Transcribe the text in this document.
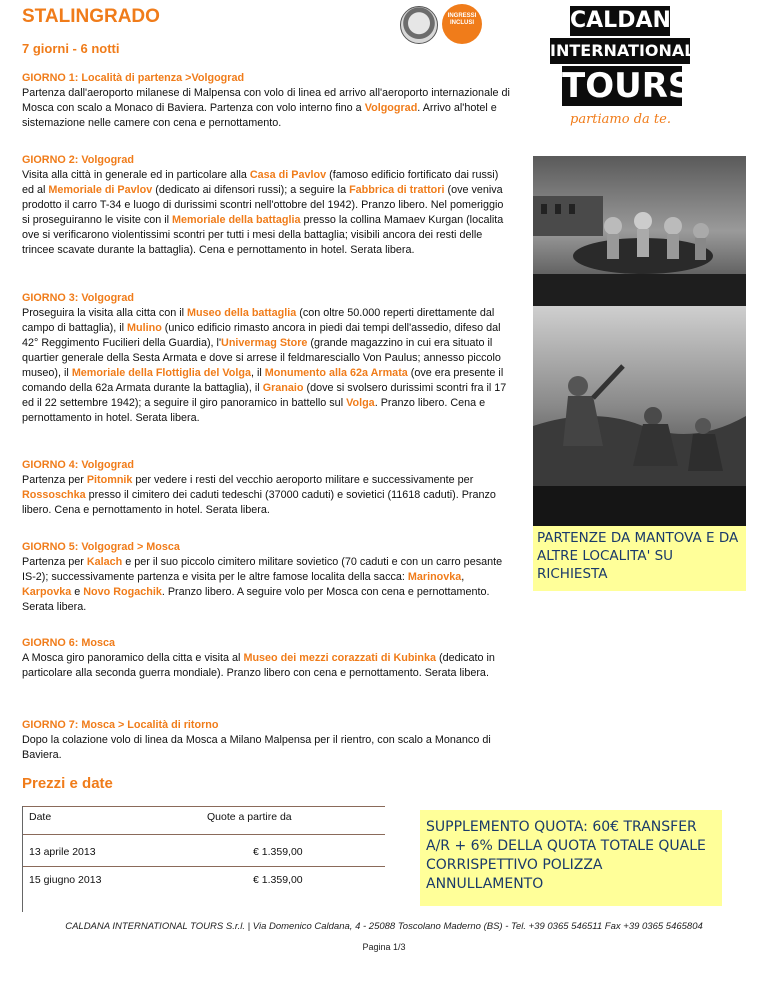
STALINGRADO
7 giorni - 6 notti
INGRESSI INCLUSI	CALDANA
INTERNATIONAL
TOURS
partiamo da te.
GIORNO 1: Località di partenza >Volgograd
Partenza dall'aeroporto milanese di Malpensa con volo di linea ed arrivo all'aeroporto internazionale di Mosca con scalo a Monaco di Baviera. Partenza con volo interno fino a Volgograd. Arrivo al'hotel e sistemazione nelle camere con cena e pernottamento.
GIORNO 2: Volgograd
Visita alla città in generale ed in particolare alla Casa di Pavlov (famoso edificio fortificato dai russi) ed al Memoriale di Pavlov (dedicato ai difensori russi); a seguire la Fabbrica di trattori (ove veniva prodotto il carro T-34 e luogo di durissimi scontri nell'ottobre del 1942). Pranzo libero. Nel pomeriggio si proseguiranno le visite con il Memoriale della battaglia presso la collina Mamaev Kurgan (localita ove si verificarono violentissimi scontri per tutti i mesi della battaglia; visibili ancora dei resti delle trincee scavate durante la battaglia). Cena e pernottamento in hotel. Serata libera.
GIORNO 3: Volgograd
Proseguira la visita alla citta con il Museo della battaglia (con oltre 50.000 reperti direttamente dal campo di battaglia), il Mulino (unico edificio rimasto ancora in piedi dai tempi dell'assedio, difeso dal 42° Reggimento Fucilieri della Guardia), l'Univermag Store (grande magazzino in cui era situato il quartier generale della Sesta Armata e dove si arrese il feldmaresciallo Von Paulus; annesso piccolo museo), il Memoriale della Flottiglia del Volga, il Monumento alla 62a Armata (ove era presente il comando della 62a Armata durante la battaglia), il Granaio (dove si svolsero durissimi scontri fra il 17 ed il 22 settembre 1942); a seguire il giro panoramico in battello sul Volga. Pranzo libero. Cena e pernottamento in hotel. Serata libera.
GIORNO 4: Volgograd
Partenza per Pitomnik per vedere i resti del vecchio aeroporto militare e successivamente per Rossoschka presso il cimitero dei caduti tedeschi (37000 caduti) e sovietici (11618 caduti). Pranzo libero. Cena e pernottamento in hotel. Serata libera.
GIORNO 5: Volgograd > Mosca
Partenza per Kalach e per il suo piccolo cimitero militare sovietico (70 caduti e con un carro pesante IS-2); successivamente partenza e visita per le altre famose localita della sacca: Marinovka, Karpovka e Novo Rogachik. Pranzo libero. A seguire volo per Mosca con cena e pernottamento. Serata libera.
GIORNO 6: Mosca
A Mosca giro panoramico della citta e visita al Museo dei mezzi corazzati di Kubinka (dedicato in particolare alla seconda guerra mondiale). Pranzo libero con cena e pernottamento. Serata libera.
GIORNO 7: Mosca > Località di ritorno
Dopo la colazione volo di linea da Mosca a Milano Malpensa per il rientro, con scalo a Monanco di Baviera.
PARTENZE DA MANTOVA E DA ALTRE LOCALITA' SU RICHIESTA
Prezzi e date
Date	Quote a partire da
13 aprile 2013	€ 1.359,00
15 giugno 2013	€ 1.359,00
SUPPLEMENTO QUOTA: 60€ TRANSFER A/R + 6% DELLA QUOTA TOTALE QUALE CORRISPETTIVO POLIZZA ANNULLAMENTO
CALDANA INTERNATIONAL TOURS S.r.l. | Via Domenico Caldana, 4 - 25088 Toscolano Maderno (BS) - Tel. +39 0365 546511 Fax +39 0365 5465804
Pagina 1/3
